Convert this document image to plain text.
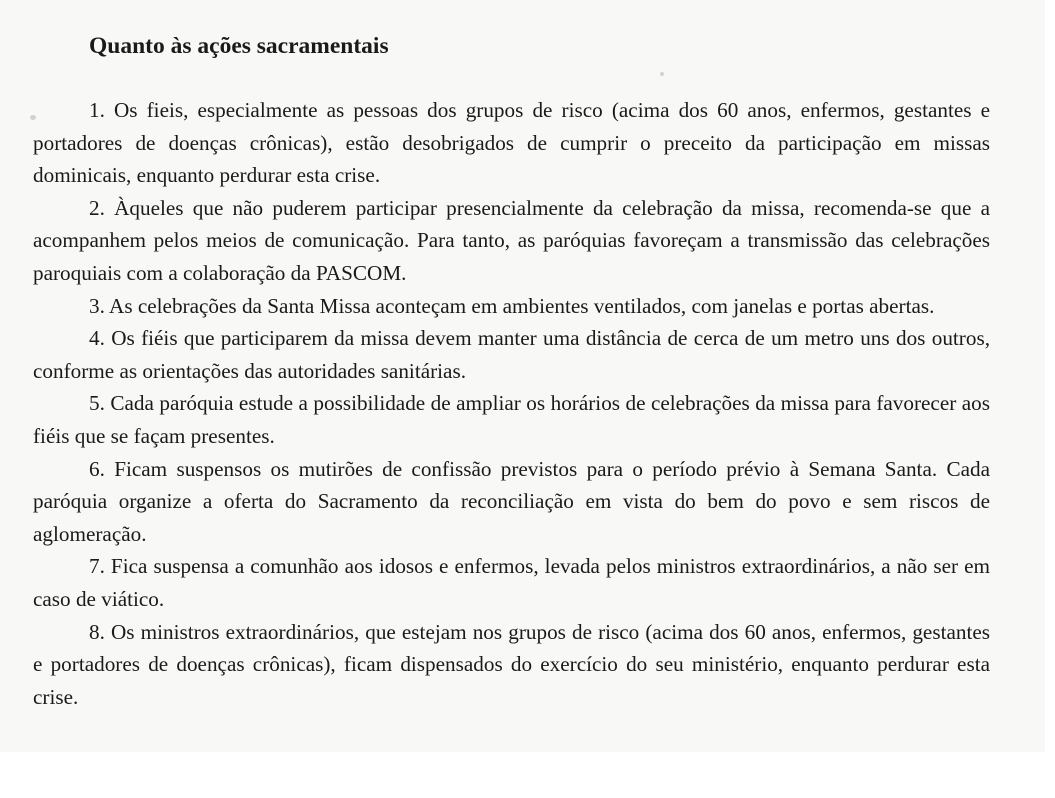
Quanto às ações sacramentais

1. Os fieis, especialmente as pessoas dos grupos de risco (acima dos 60 anos, enfermos, gestantes e portadores de doenças crônicas), estão desobrigados de cumprir o preceito da participação em missas dominicais, enquanto perdurar esta crise.

2. Àqueles que não puderem participar presencialmente da celebração da missa, recomenda-se que a acompanhem pelos meios de comunicação. Para tanto, as paróquias favoreçam a transmissão das celebrações paroquiais com a colaboração da PASCOM.

3. As celebrações da Santa Missa aconteçam em ambientes ventilados, com janelas e portas abertas.

4. Os fiéis que participarem da missa devem manter uma distância de cerca de um metro uns dos outros, conforme as orientações das autoridades sanitárias.

5. Cada paróquia estude a possibilidade de ampliar os horários de celebrações da missa para favorecer aos fiéis que se façam presentes.

6. Ficam suspensos os mutirões de confissão previstos para o período prévio à Semana Santa. Cada paróquia organize a oferta do Sacramento da reconciliação em vista do bem do povo e sem riscos de aglomeração.

7. Fica suspensa a comunhão aos idosos e enfermos, levada pelos ministros extraordinários, a não ser em caso de viático.

8. Os ministros extraordinários, que estejam nos grupos de risco (acima dos 60 anos, enfermos, gestantes e portadores de doenças crônicas), ficam dispensados do exercício do seu ministério, enquanto perdurar esta crise.
